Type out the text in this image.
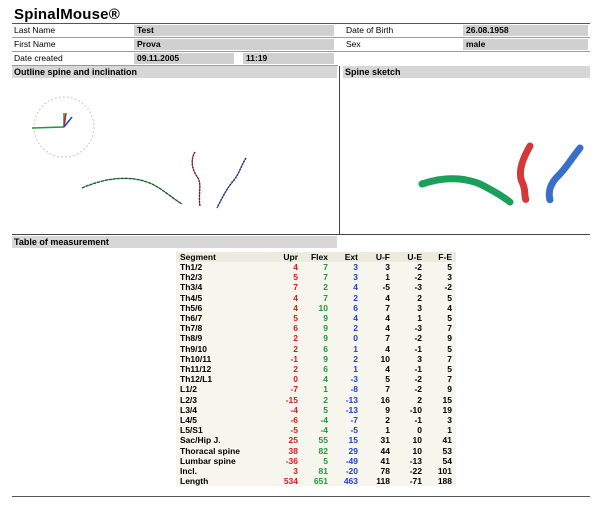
SpinalMouse®
Last Name	Test	Date of Birth	26.08.1958
First Name	Prova	Sex	male
Date created	09.11.2005	11:19
Outline spine and inclination	Spine sketch
Table of measurement
Segment	Upr	Flex	Ext	U-F	U-E	F-E
Th1/2	4	7	3	3	-2	5
Th2/3	5	7	3	1	-2	3
Th3/4	7	2	4	-5	-3	-2
Th4/5	4	7	2	4	2	5
Th5/6	4	10	6	7	3	4
Th6/7	5	9	4	4	1	5
Th7/8	6	9	2	4	-3	7
Th8/9	2	9	0	7	-2	9
Th9/10	2	6	1	4	-1	5
Th10/11	-1	9	2	10	3	7
Th11/12	2	6	1	4	-1	5
Th12/L1	0	4	-3	5	-2	7
L1/2	-7	1	-8	7	-2	9
L2/3	-15	2	-13	16	2	15
L3/4	-4	5	-13	9	-10	19
L4/5	-6	-4	-7	2	-1	3
L5/S1	-5	-4	-5	1	0	1
Sac/Hip J.	25	55	15	31	10	41
Thoracal spine	38	82	29	44	10	53
Lumbar spine	-36	5	-49	41	-13	54
Incl.	3	81	-20	78	-22	101
Length	534	651	463	118	-71	188
